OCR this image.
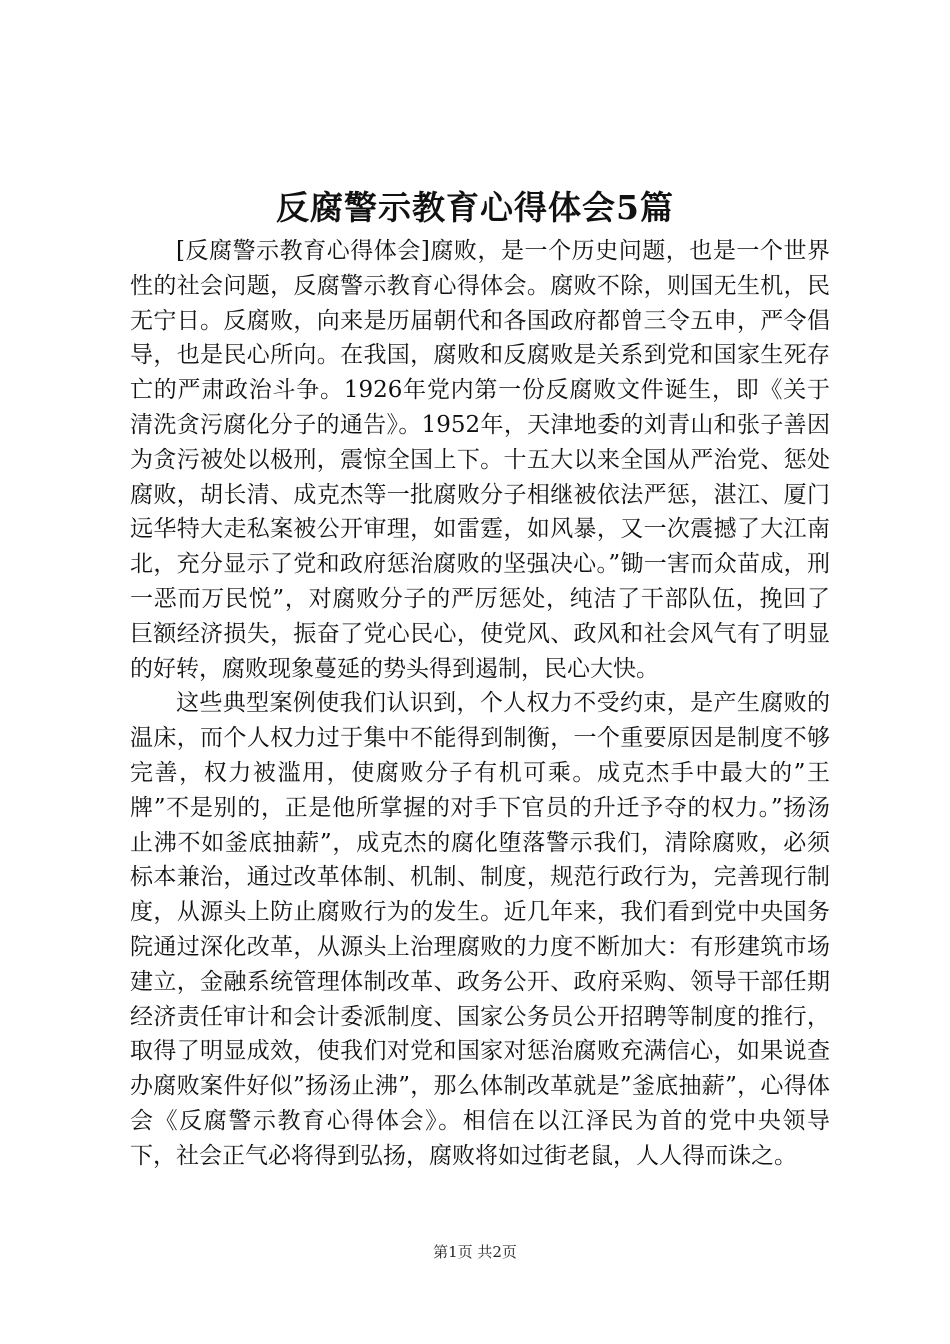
反腐警示教育心得体会5篇

[反腐警示教育心得体会]腐败，是一个历史问题，也是一个世界性的社会问题，反腐警示教育心得体会。腐败不除，则国无生机，民无宁日。反腐败，向来是历届朝代和各国政府都曾三令五申，严令倡导，也是民心所向。在我国，腐败和反腐败是关系到党和国家生死存亡的严肃政治斗争。1926年党内第一份反腐败文件诞生，即《关于清洗贪污腐化分子的通告》。1952年，天津地委的刘青山和张子善因为贪污被处以极刑，震惊全国上下。十五大以来全国从严治党、惩处腐败，胡长清、成克杰等一批腐败分子相继被依法严惩，湛江、厦门远华特大走私案被公开审理，如雷霆，如风暴，又一次震撼了大江南北，充分显示了党和政府惩治腐败的坚强决心。”锄一害而众苗成，刑一恶而万民悦”，对腐败分子的严厉惩处，纯洁了干部队伍，挽回了巨额经济损失，振奋了党心民心，使党风、政风和社会风气有了明显的好转，腐败现象蔓延的势头得到遏制，民心大快。

这些典型案例使我们认识到，个人权力不受约束，是产生腐败的温床，而个人权力过于集中不能得到制衡，一个重要原因是制度不够完善，权力被滥用，使腐败分子有机可乘。成克杰手中最大的”王牌”不是别的，正是他所掌握的对手下官员的升迁予夺的权力。”扬汤止沸不如釜底抽薪”，成克杰的腐化堕落警示我们，清除腐败，必须标本兼治，通过改革体制、机制、制度，规范行政行为，完善现行制度，从源头上防止腐败行为的发生。近几年来，我们看到党中央国务院通过深化改革，从源头上治理腐败的力度不断加大：有形建筑市场建立，金融系统管理体制改革、政务公开、政府采购、领导干部任期经济责任审计和会计委派制度、国家公务员公开招聘等制度的推行，取得了明显成效，使我们对党和国家对惩治腐败充满信心，如果说查办腐败案件好似”扬汤止沸”，那么体制改革就是”釜底抽薪”，心得体会《反腐警示教育心得体会》。相信在以江泽民为首的党中央领导下，社会正气必将得到弘扬，腐败将如过街老鼠，人人得而诛之。

第1页 共2页
